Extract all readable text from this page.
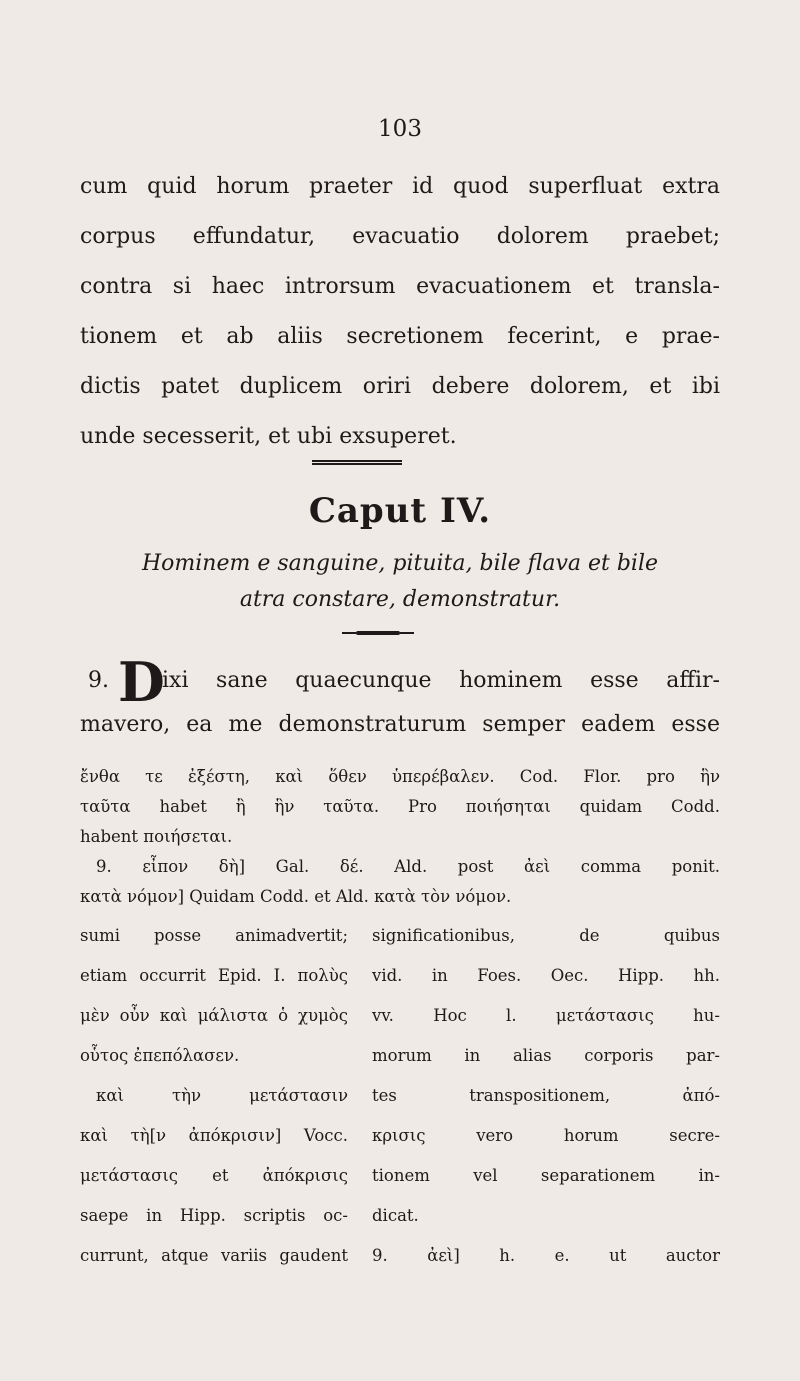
103
cum quid horum praeter id quod superfluat extra
corpus effundatur, evacuatio dolorem praebet;
contra si haec introrsum evacuationem et transla-
tionem et ab aliis secretionem fecerint, e prae-
dictis patet duplicem oriri debere dolorem, et ibi
unde secesserit, et ubi exsuperet.
Caput IV.
Hominem e sanguine, pituita, bile flava et bile
atra constare, demonstratur.
9. D
ixi sane quaecunque hominem esse affir-
mavero, ea me demonstraturum semper eadem esse
ἔνθα τε ἐξέστη, καὶ ὅθεν ὑπερέβαλεν. Cod. Flor. pro ἣν
ταῦτα habet ἢ ἣν ταῦτα. Pro ποιήσηται quidam Codd.
habent ποιήσεται.
9. εἶπον δὴ] Gal. δέ. Ald. post ἀεὶ comma ponit.
κατὰ νόμον] Quidam Codd. et Ald. κατὰ τὸν νόμον.
sumi posse animadvertit;
etiam occurrit Epid. I. πολὺς
μὲν οὖν καὶ μάλιστα ὁ χυμὸς
οὗτος ἐπεπόλασεν.
καὶ τὴν μετάστασιν
καὶ τὴ[ν ἀπόκρισιν] Vocc.
μετάστασις et ἀπόκρισις
saepe in Hipp. scriptis oc-
currunt, atque variis gaudent
significationibus, de quibus
vid. in Foes. Oec. Hipp. hh.
vv. Hoc l. μετάστασις hu-
morum in alias corporis par-
tes transpositionem, ἀπό-
κρισις vero horum secre-
tionem vel separationem in-
dicat.
9. ἀεὶ] h. e. ut auctor
